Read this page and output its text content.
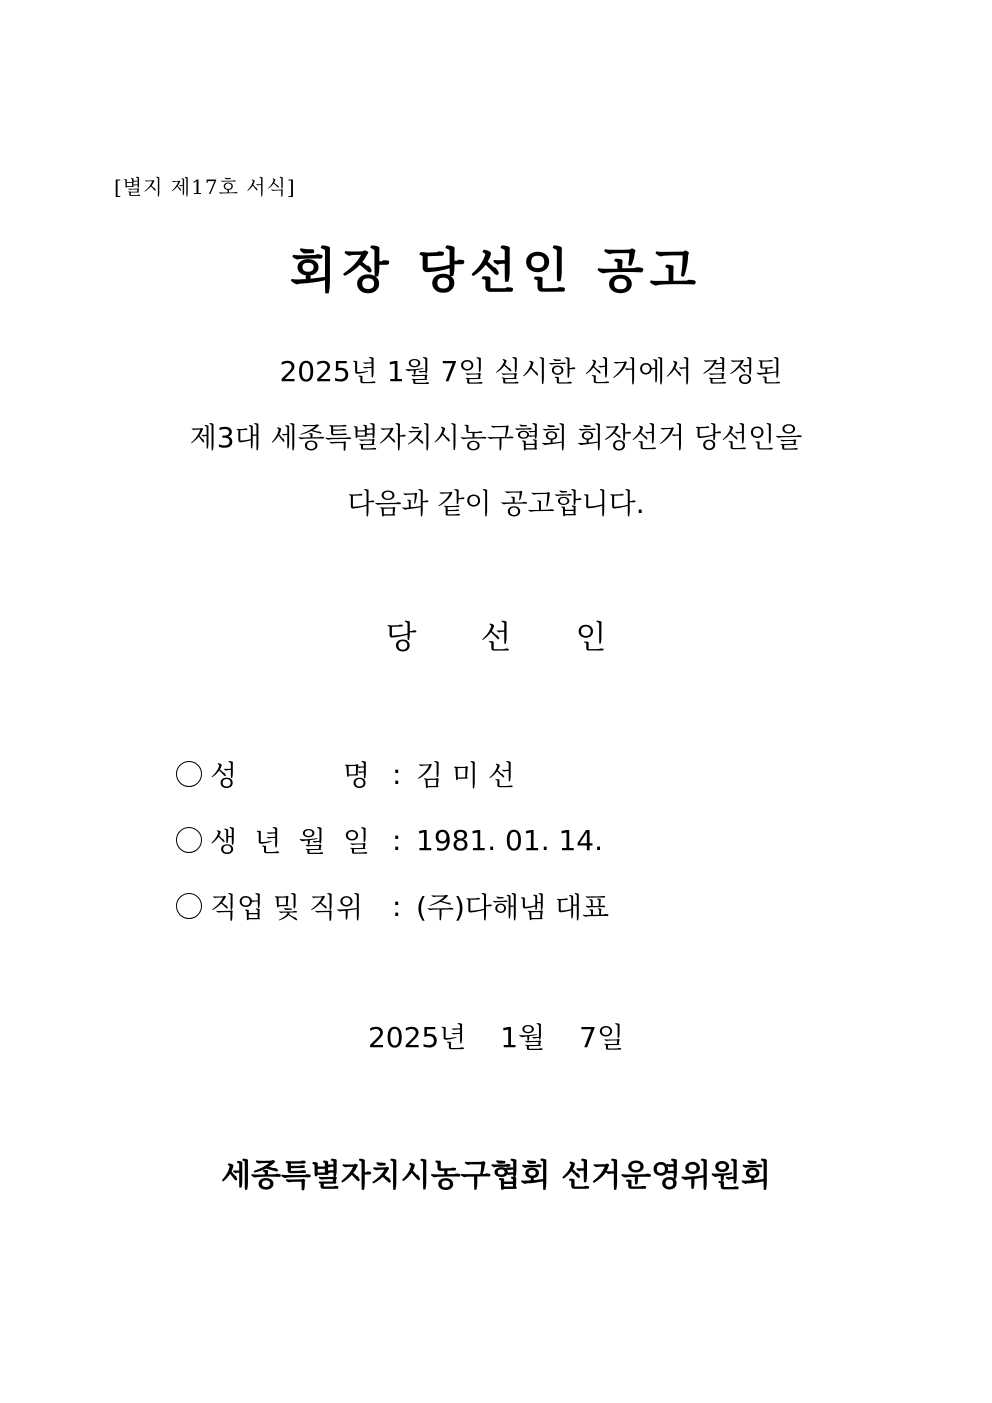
[별지 제17호 서식]
회장 당선인 공고
2025년 1월 7일 실시한 선거에서 결정된
제3대 세종특별자치시농구협회 회장선거 당선인을
다음과 같이 공고합니다.
당 선 인
성	명 : 김 미 선
생 년 월 일 : 1981. 01. 14.
직업 및 직위 : (주)다해냄 대표
2025년 1월 7일
세종특별자치시농구협회 선거운영위원회
